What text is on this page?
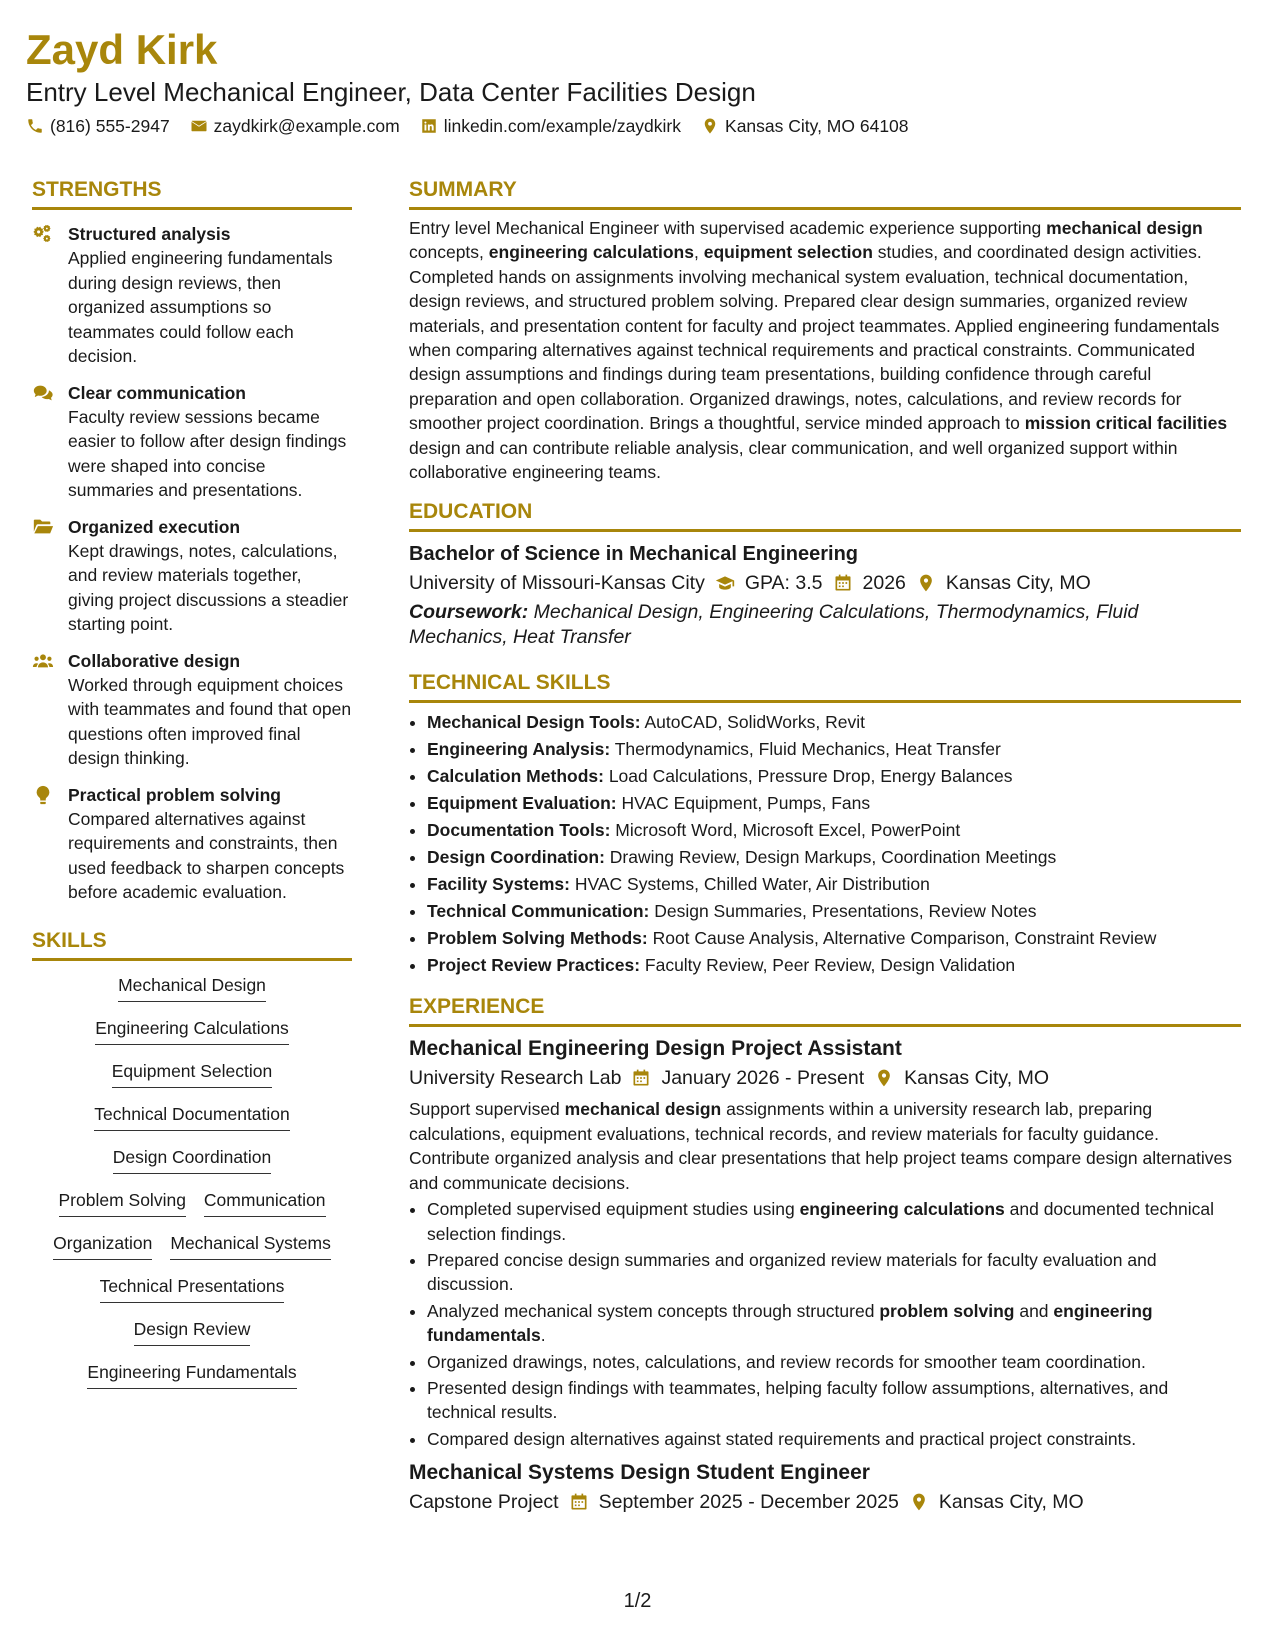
Zayd Kirk
Entry Level Mechanical Engineer, Data Center Facilities Design
(816) 555-2947	zaydkirk@example.com	linkedin.com/example/zaydkirk	Kansas City, MO 64108
STRENGTHS
Structured analysis
Applied engineering fundamentals during design reviews, then organized assumptions so teammates could follow each decision.
Clear communication
Faculty review sessions became easier to follow after design findings were shaped into concise summaries and presentations.
Organized execution
Kept drawings, notes, calculations, and review materials together, giving project discussions a steadier starting point.
Collaborative design
Worked through equipment choices with teammates and found that open questions often improved final design thinking.
Practical problem solving
Compared alternatives against requirements and constraints, then used feedback to sharpen concepts before academic evaluation.
SKILLS
Mechanical Design
Engineering Calculations
Equipment Selection
Technical Documentation
Design Coordination
Problem Solving Communication
Organization Mechanical Systems
Technical Presentations
Design Review
Engineering Fundamentals
SUMMARY

Entry level Mechanical Engineer with supervised academic experience supporting mechanical design concepts, engineering calculations, equipment selection studies, and coordinated design activities. Completed hands on assignments involving mechanical system evaluation, technical documentation, design reviews, and structured problem solving. Prepared clear design summaries, organized review materials, and presentation content for faculty and project teammates. Applied engineering fundamentals when comparing alternatives against technical requirements and practical constraints. Communicated design assumptions and findings during team presentations, building confidence through careful preparation and open collaboration. Organized drawings, notes, calculations, and review records for smoother project coordination. Brings a thoughtful, service minded approach to mission critical facilities design and can contribute reliable analysis, clear communication, and well organized support within collaborative engineering teams.

EDUCATION
Bachelor of Science in Mechanical Engineering
University of Missouri-Kansas City GPA: 3.5 2026 Kansas City, MO
Coursework: Mechanical Design, Engineering Calculations, Thermodynamics, Fluid Mechanics, Heat Transfer
TECHNICAL SKILLS
• Mechanical Design Tools: AutoCAD, SolidWorks, Revit
• Engineering Analysis: Thermodynamics, Fluid Mechanics, Heat Transfer
• Calculation Methods: Load Calculations, Pressure Drop, Energy Balances
• Equipment Evaluation: HVAC Equipment, Pumps, Fans
• Documentation Tools: Microsoft Word, Microsoft Excel, PowerPoint
• Design Coordination: Drawing Review, Design Markups, Coordination Meetings
• Facility Systems: HVAC Systems, Chilled Water, Air Distribution
• Technical Communication: Design Summaries, Presentations, Review Notes
• Problem Solving Methods: Root Cause Analysis, Alternative Comparison, Constraint Review
• Project Review Practices: Faculty Review, Peer Review, Design Validation
EXPERIENCE
Mechanical Engineering Design Project Assistant
University Research Lab January 2026 - Present Kansas City, MO
Support supervised mechanical design assignments within a university research lab, preparing calculations, equipment evaluations, technical records, and review materials for faculty guidance. Contribute organized analysis and clear presentations that help project teams compare design alternatives and communicate decisions.
• Completed supervised equipment studies using engineering calculations and documented technical selection findings.
• Prepared concise design summaries and organized review materials for faculty evaluation and discussion.
• Analyzed mechanical system concepts through structured problem solving and engineering fundamentals.
• Organized drawings, notes, calculations, and review records for smoother team coordination.
• Presented design findings with teammates, helping faculty follow assumptions, alternatives, and technical results.
• Compared design alternatives against stated requirements and practical project constraints.
Mechanical Systems Design Student Engineer
Capstone Project September 2025 - December 2025 Kansas City, MO
1/2
